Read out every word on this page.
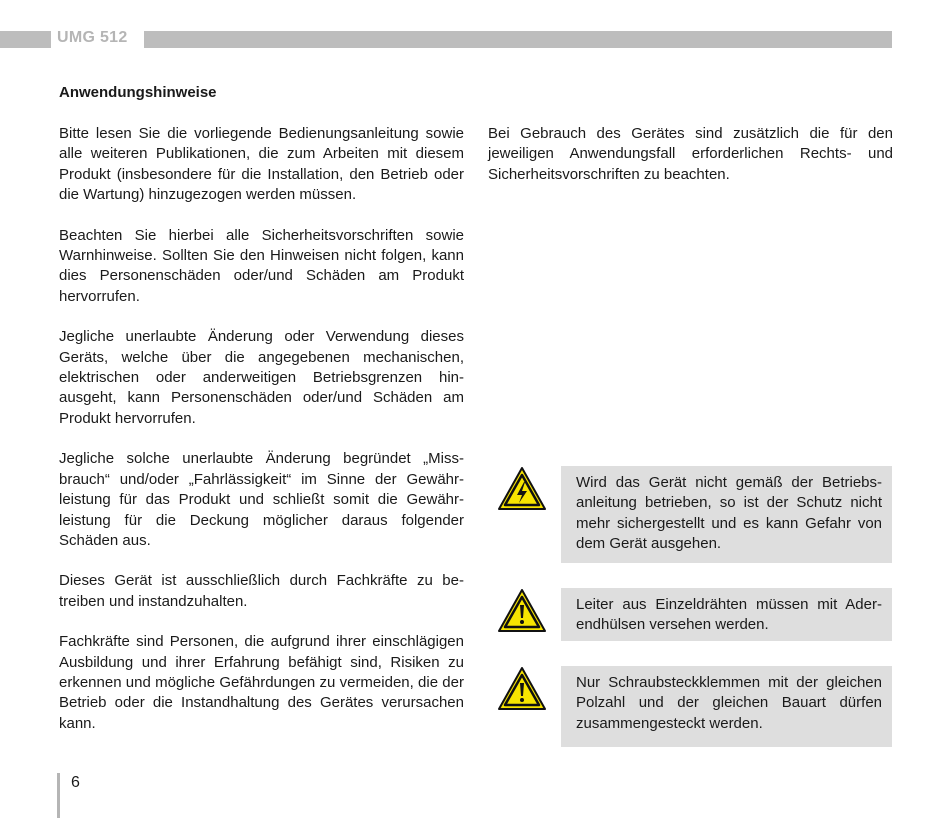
UMG 512
Anwendungshinweise

Bitte lesen Sie die vorliegende Bedienungsanleitung sowie alle weiteren Publikationen, die zum Arbeiten mit diesem Produkt (insbesondere für die Installation, den Betrieb oder die Wartung) hinzugezogen werden müssen.

Beachten Sie hierbei alle Sicherheitsvorschriften sowie Warnhinweise. Sollten Sie den Hinweisen nicht folgen, kann dies Personenschäden oder/und Schäden am Produkt hervorrufen.

Jegliche unerlaubte Änderung oder Verwendung dieses Geräts, welche über die angegebenen mechanischen, elektrischen oder anderweitigen Betriebsgrenzen hinausgeht, kann Personenschäden oder/und Schäden am Produkt hervorrufen.

Jegliche solche unerlaubte Änderung begründet „Missbrauch“ und/oder „Fahrlässigkeit“ im Sinne der Gewährleistung für das Produkt und schließt somit die Gewährleistung für die Deckung möglicher daraus folgender Schäden aus.

Dieses Gerät ist ausschließlich durch Fachkräfte zu betreiben und instandzuhalten.

Fachkräfte sind Personen, die aufgrund ihrer einschlägigen Ausbildung und ihrer Erfahrung befähigt sind, Risiken zu erkennen und mögliche Gefährdungen zu vermeiden, die der Betrieb oder die Instandhaltung des Gerätes verursachen kann.

Bei Gebrauch des Gerätes sind zusätzlich die für den jeweiligen Anwendungsfall erforderlichen Rechts- und Sicherheitsvorschriften zu beachten.

Wird das Gerät nicht gemäß der Betriebsanleitung betrieben, so ist der Schutz nicht mehr sichergestellt und es kann Gefahr von dem Gerät ausgehen.
Leiter aus Einzeldrähten müssen mit Aderendhülsen versehen werden.
Nur Schraubsteckklemmen mit der gleichen Polzahl und der gleichen Bauart dürfen zusammengesteckt werden.
6
